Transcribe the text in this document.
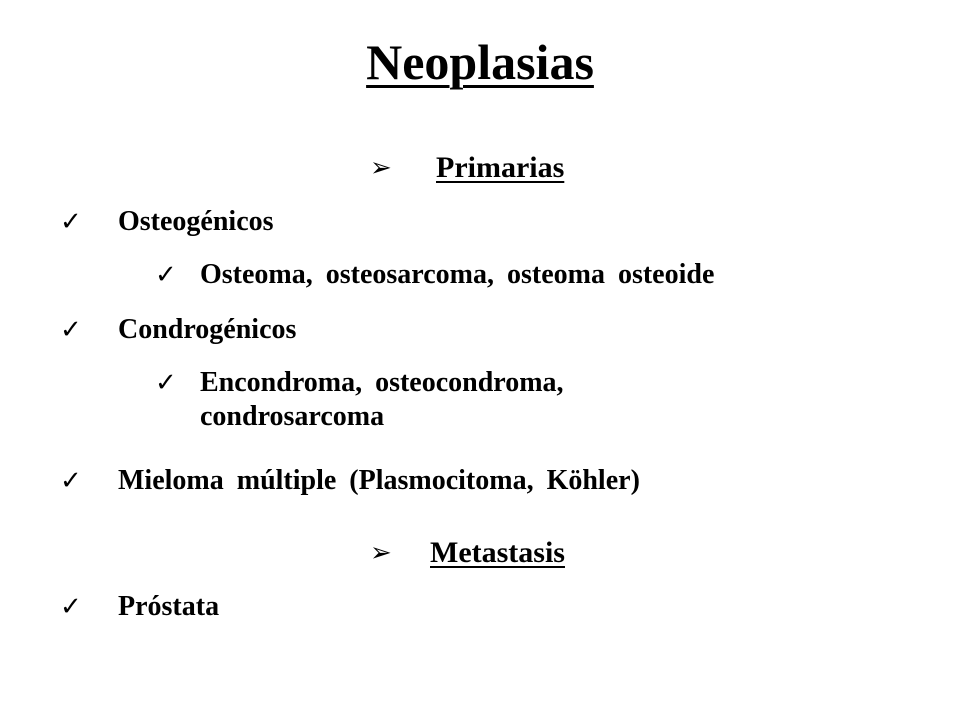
Neoplasias
➢ Primarias
✓ Osteogénicos
✓ Osteoma, osteosarcoma, osteoma osteoide
✓ Condrogénicos
✓ Encondroma, osteocondroma, condrosarcoma
✓ Mieloma múltiple (Plasmocitoma, Köhler)
➢ Metastasis
✓ Próstata
